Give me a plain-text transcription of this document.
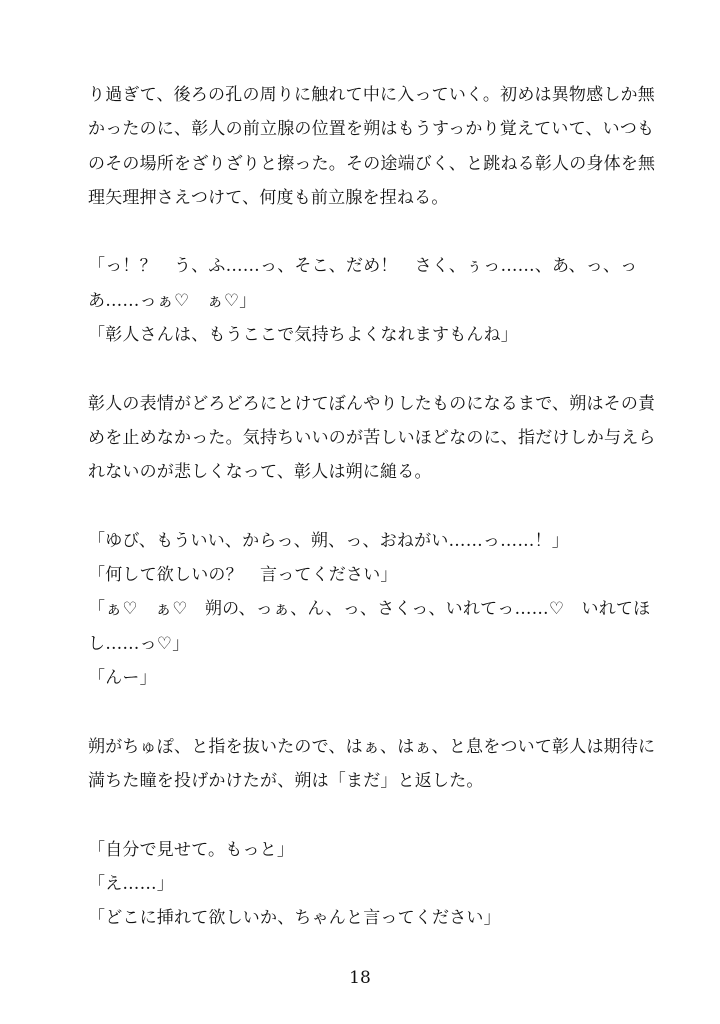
り過ぎて、後ろの孔の周りに触れて中に入っていく。初めは異物感しか無
かったのに、彰人の前立腺の位置を朔はもうすっかり覚えていて、いつも
のその場所をざりざりと擦った。その途端びく、と跳ねる彰人の身体を無
理矢理押さえつけて、何度も前立腺を捏ねる。
「っ！？　う、ふ……っ、そこ、だめ！　さく、ぅっ……、あ、っ、っ
あ……っぁ♡　ぁ♡」
「彰人さんは、もうここで気持ちよくなれますもんね」
彰人の表情がどろどろにとけてぼんやりしたものになるまで、朔はその責
めを止めなかった。気持ちいいのが苦しいほどなのに、指だけしか与えら
れないのが悲しくなって、彰人は朔に縋る。
「ゆび、もういい、からっ、朔、っ、おねがい……っ……！」
「何して欲しいの？　言ってください」
「ぁ♡　ぁ♡　朔の、っぁ、ん、っ、さくっ、いれてっ……♡　いれてほ
し……っ♡」
「んー」
朔がちゅぽ、と指を抜いたので、はぁ、はぁ、と息をついて彰人は期待に
満ちた瞳を投げかけたが、朔は「まだ」と返した。
「自分で見せて。もっと」
「え……」
「どこに挿れて欲しいか、ちゃんと言ってください」
18
